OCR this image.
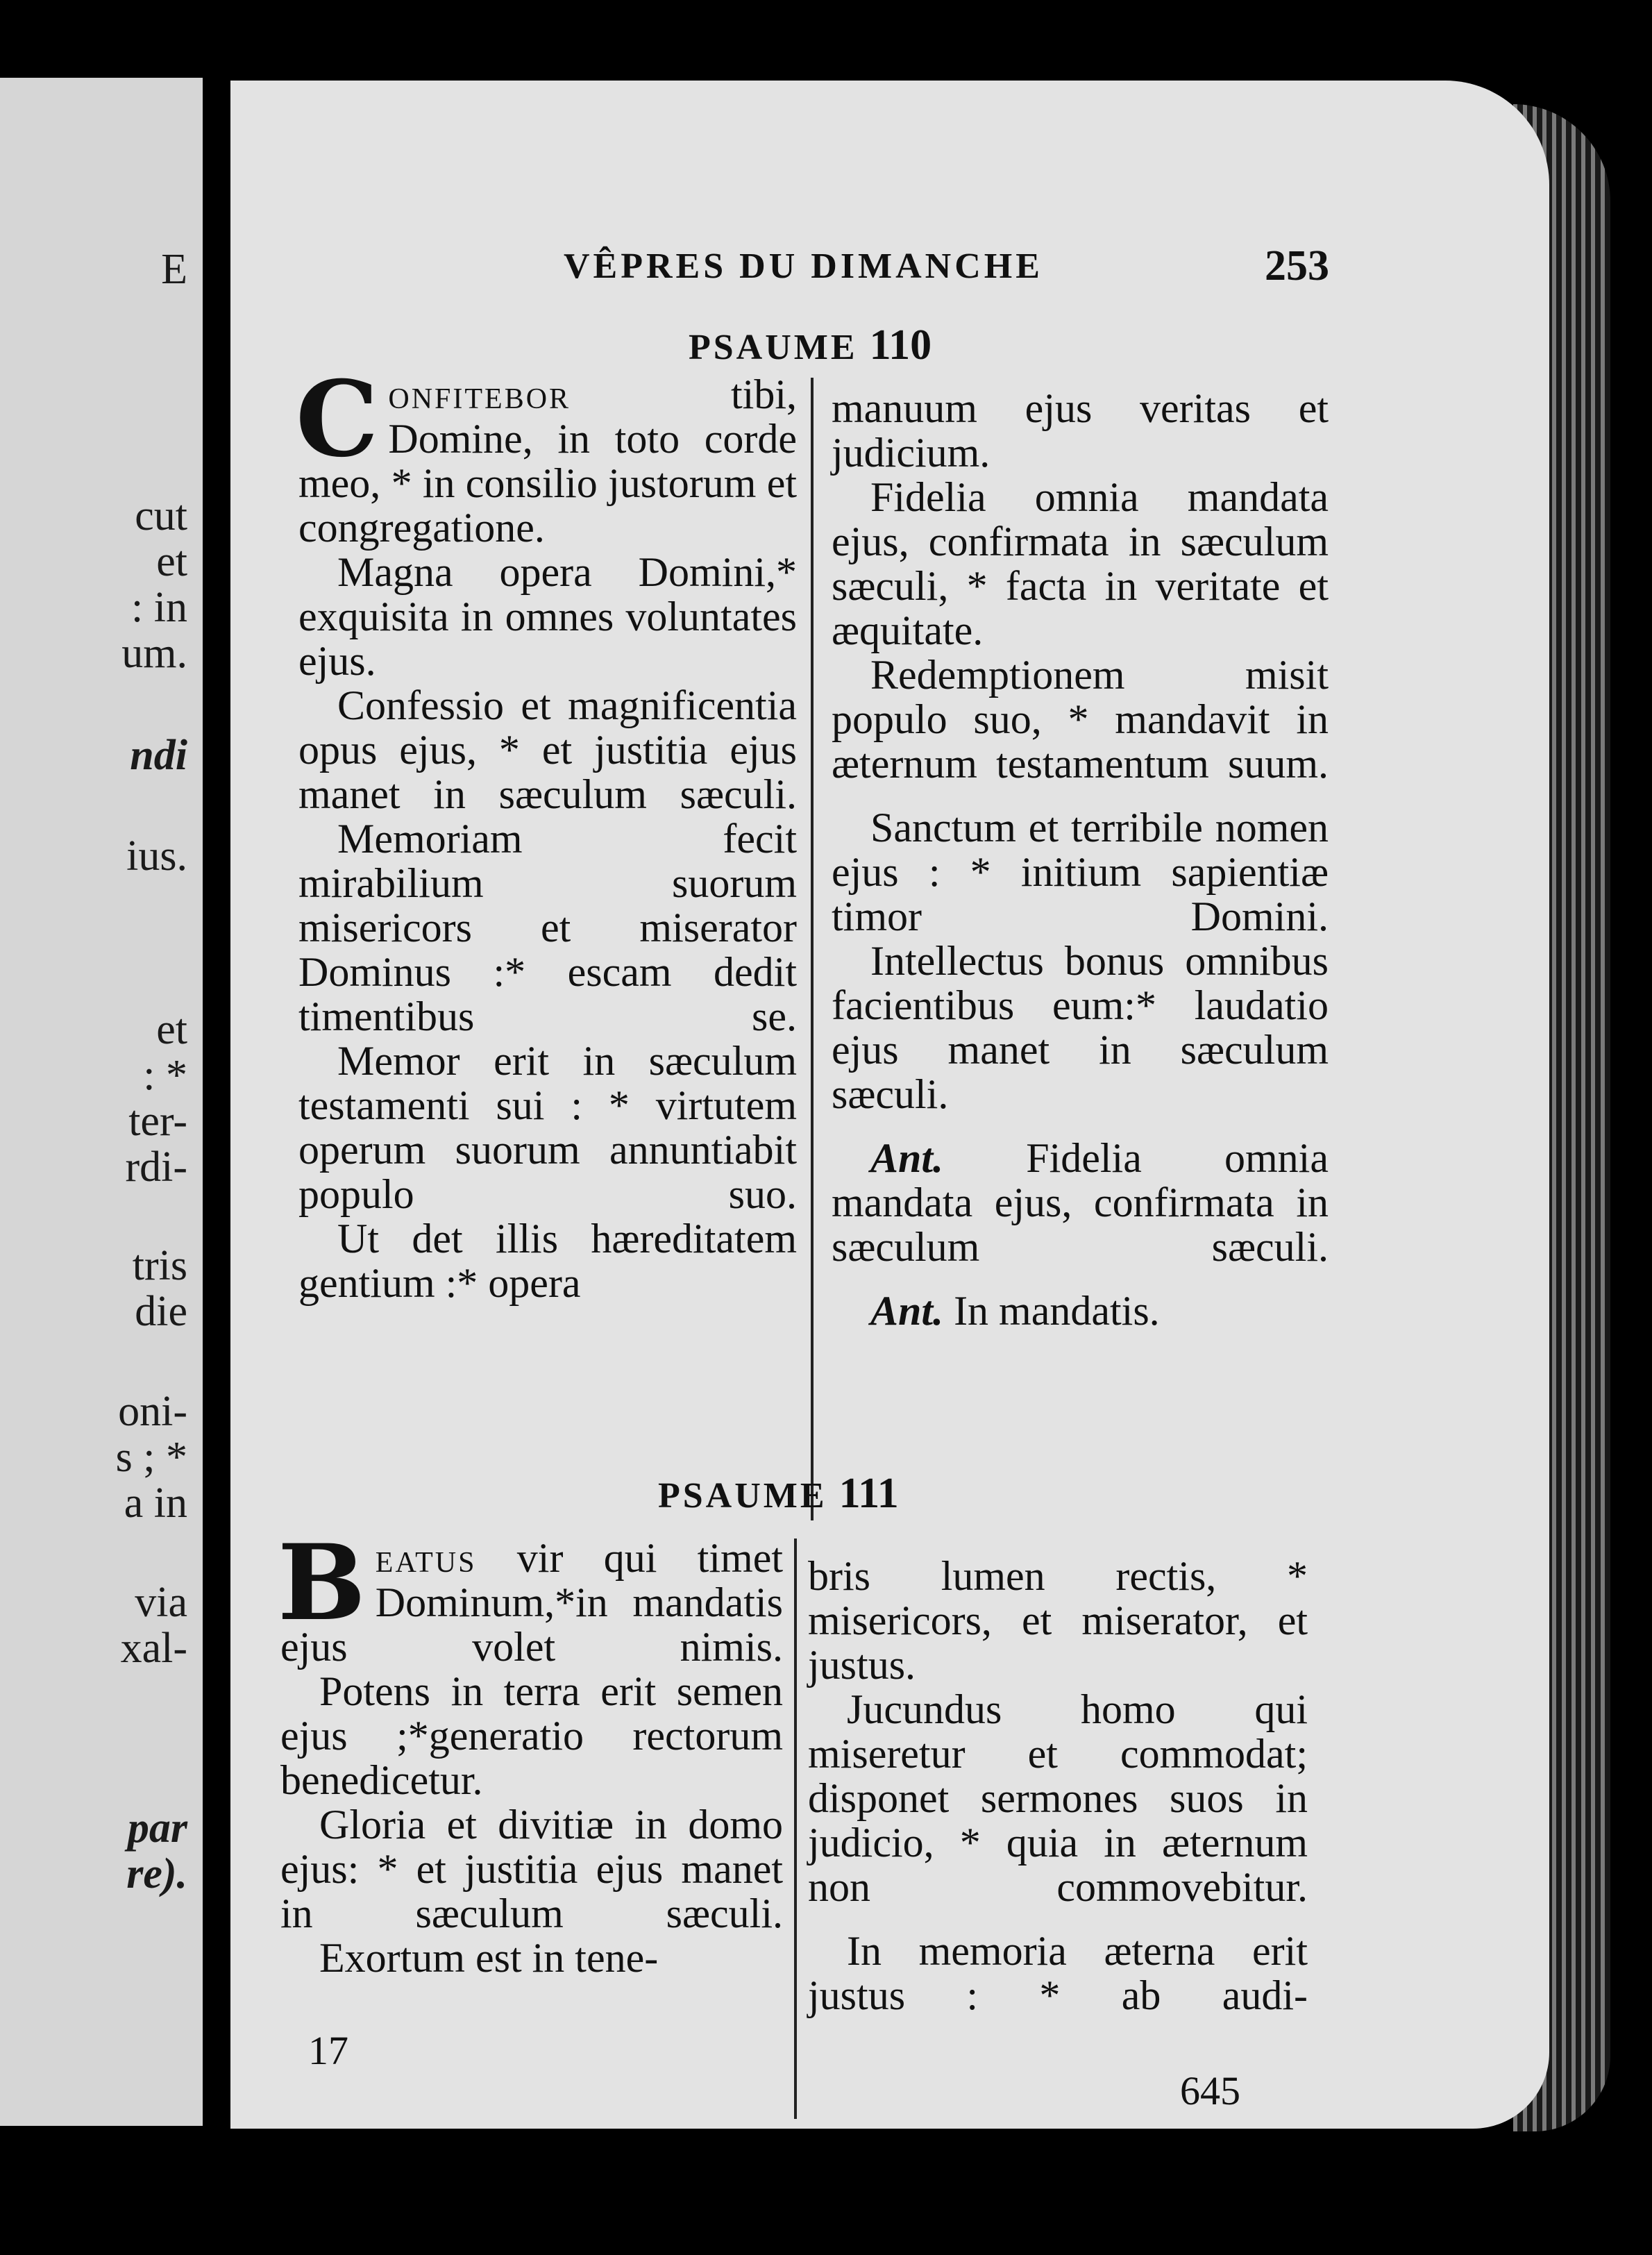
E
cut
et
: in
um.
ndi
ius.
et
: *
ter-
rdi-
tris
die
oni-
s ; *
a in
via
xal-
par
re).
VÊPRES DU DIMANCHE	253
PSAUME 110

Confitebor tibi, Domine, in toto corde meo, * in consilio justorum et congregatione.

Magna opera Domini,* exquisita in omnes voluntates ejus.

Confessio et magnificentia opus ejus, * et justitia ejus manet in sæculum sæculi.

Memoriam fecit mirabilium suorum misericors et miserator Dominus :* escam dedit timentibus se.

Memor erit in sæculum testamenti sui : * virtutem operum suorum annuntiabit populo suo.

Ut det illis hæreditatem gentium :* opera

manuum ejus veritas et judicium.

Fidelia omnia mandata ejus, confirmata in sæculum sæculi, * facta in veritate et æquitate.

Redemptionem misit populo suo, * mandavit in æternum testamentum suum.

Sanctum et terribile nomen ejus : * initium sapientiæ timor Domini.

Intellectus bonus omnibus facientibus eum:* laudatio ejus manet in sæculum sæculi.

Ant. Fidelia omnia mandata ejus, confirmata in sæculum sæculi.

Ant. In mandatis.

PSAUME 111

Beatus vir qui timet Dominum,*in mandatis ejus volet nimis.

Potens in terra erit semen ejus ;*generatio rectorum benedicetur.

Gloria et divitiæ in domo ejus: * et justitia ejus manet in sæculum sæculi.

Exortum est in tene-

bris lumen rectis, * misericors, et miserator, et justus.

Jucundus homo qui miseretur et commodat; disponet sermones suos in judicio, * quia in æternum non commovebitur.

In memoria æterna erit justus : * ab audi-

17
645
